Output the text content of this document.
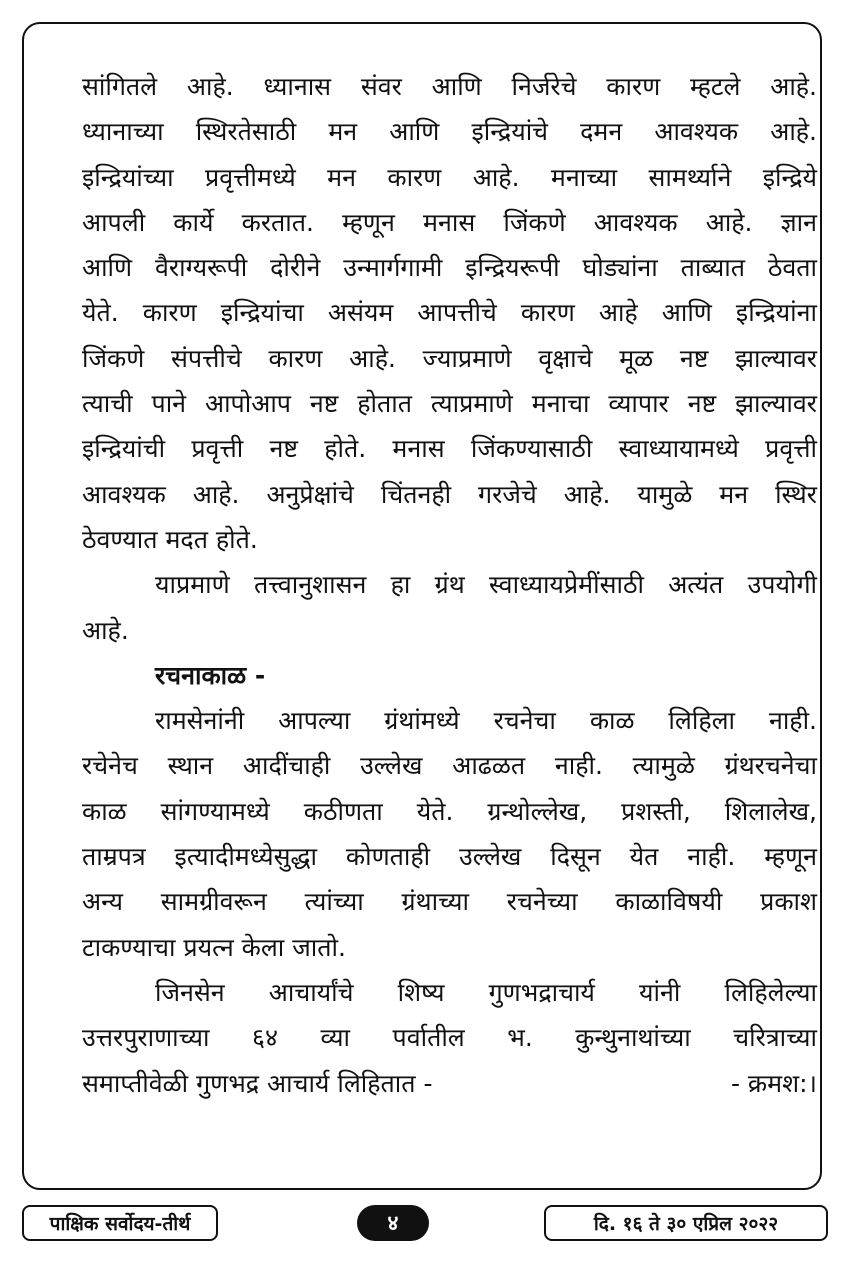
सांगितले आहे. ध्यानास संवर आणि निर्जरेचे कारण म्हटले आहे.
ध्यानाच्या स्थिरतेसाठी मन आणि इन्द्रियांचे दमन आवश्यक आहे.
इन्द्रियांच्या प्रवृत्तीमध्ये मन कारण आहे. मनाच्या सामर्थ्याने इन्द्रिये
आपली कार्ये करतात. म्हणून मनास जिंकणे आवश्यक आहे. ज्ञान
आणि वैराग्यरूपी दोरीने उन्मार्गगामी इन्द्रियरूपी घोड्यांना ताब्यात ठेवता
येते. कारण इन्द्रियांचा असंयम आपत्तीचे कारण आहे आणि इन्द्रियांना
जिंकणे संपत्तीचे कारण आहे. ज्याप्रमाणे वृक्षाचे मूळ नष्ट झाल्यावर
त्याची पाने आपोआप नष्ट होतात त्याप्रमाणे मनाचा व्यापार नष्ट झाल्यावर
इन्द्रियांची प्रवृत्ती नष्ट होते. मनास जिंकण्यासाठी स्वाध्यायामध्ये प्रवृत्ती
आवश्यक आहे. अनुप्रेक्षांचे चिंतनही गरजेचे आहे. यामुळे मन स्थिर
ठेवण्यात मदत होते.
याप्रमाणे तत्त्वानुशासन हा ग्रंथ स्वाध्यायप्रेमींसाठी अत्यंत उपयोगी
आहे.
रचनाकाळ -
रामसेनांनी आपल्या ग्रंथांमध्ये रचनेचा काळ लिहिला नाही.
रचेनेच स्थान आदींचाही उल्लेख आढळत नाही. त्यामुळे ग्रंथरचनेचा
काळ सांगण्यामध्ये कठीणता येते. ग्रन्थोल्लेख, प्रशस्ती, शिलालेख,
ताम्रपत्र इत्यादीमध्येसुद्धा कोणताही उल्लेख दिसून येत नाही. म्हणून
अन्य सामग्रीवरून त्यांच्या ग्रंथाच्या रचनेच्या काळाविषयी प्रकाश
टाकण्याचा प्रयत्न केला जातो.
जिनसेन आचार्यांचे शिष्य गुणभद्राचार्य यांनी लिहिलेल्या
उत्तरपुराणाच्या ६४ व्या पर्वातील भ. कुन्थुनाथांच्या चरित्राच्या
समाप्तीवेळी गुणभद्र आचार्य लिहितात -	- क्रमश:।
पाक्षिक सर्वोदय-तीर्थ	४	दि. १६ ते ३० एप्रिल २०२२
